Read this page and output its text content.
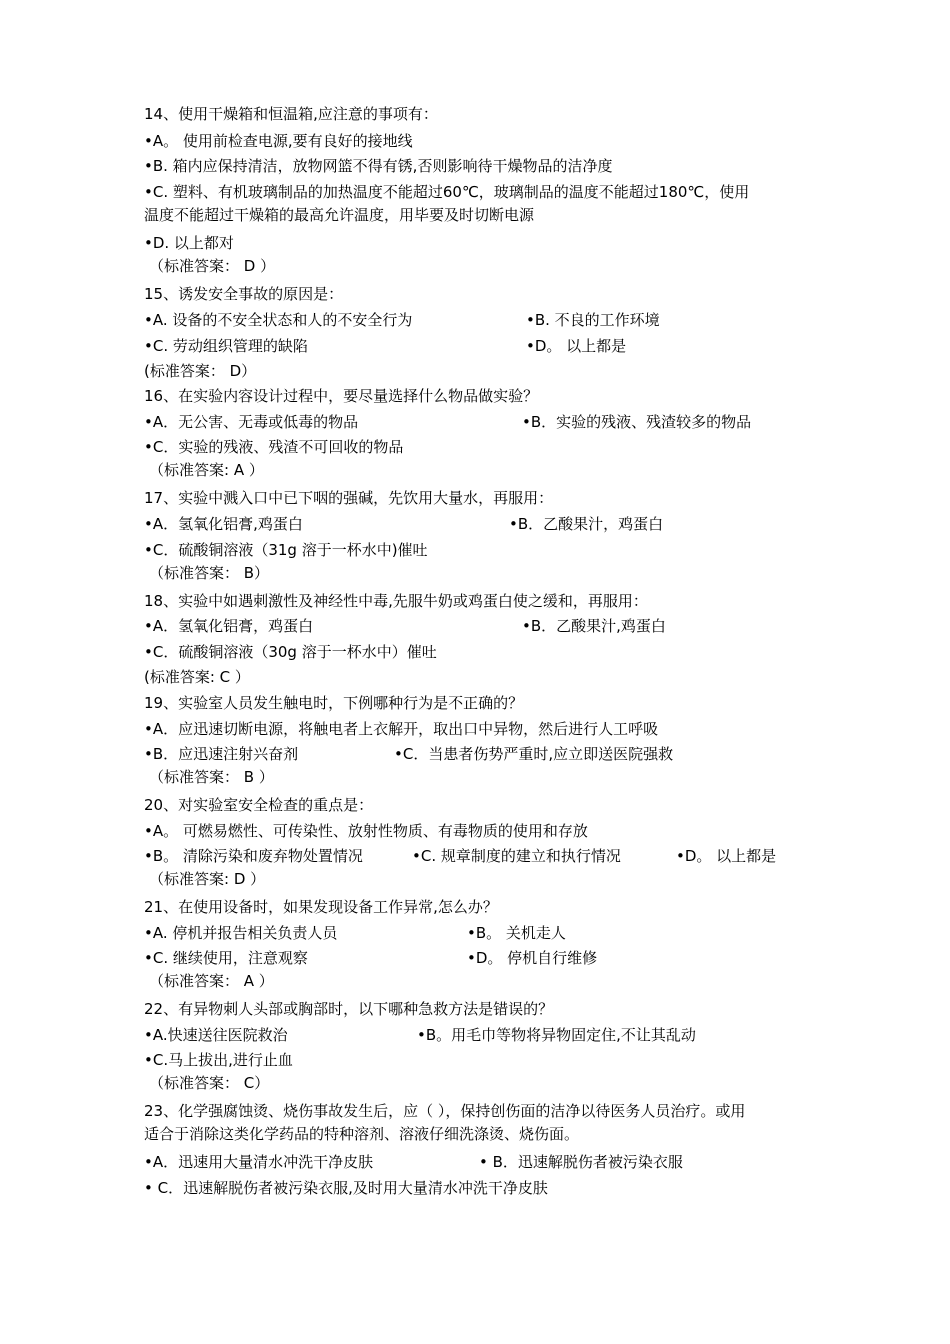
14、使用干燥箱和恒温箱,应注意的事项有：
•A。 使用前检查电源,要有良好的接地线
•B. 箱内应保持清洁，放物网篮不得有锈,否则影响待干燥物品的洁净度
•C. 塑料、有机玻璃制品的加热温度不能超过60℃，玻璃制品的温度不能超过180℃，使用
温度不能超过干燥箱的最高允许温度，用毕要及时切断电源
•D. 以上都对
（标准答案： D ）
15、诱发安全事故的原因是：
•A. 设备的不安全状态和人的不安全行为	•B. 不良的工作环境
•C. 劳动组织管理的缺陷	•D。 以上都是
(标准答案： D）
16、在实验内容设计过程中，要尽量选择什么物品做实验？
•A．无公害、无毒或低毒的物品	•B．实验的残液、残渣较多的物品
•C．实验的残液、残渣不可回收的物品
（标准答案: A ）
17、实验中溅入口中已下咽的强碱，先饮用大量水，再服用：
•A．氢氧化铝膏,鸡蛋白	•B．乙酸果汁，鸡蛋白
•C．硫酸铜溶液（31g 溶于一杯水中)催吐
（标准答案： B）
18、实验中如遇刺激性及神经性中毒,先服牛奶或鸡蛋白使之缓和，再服用：
•A．氢氧化铝膏，鸡蛋白	•B．乙酸果汁,鸡蛋白
•C．硫酸铜溶液（30g 溶于一杯水中）催吐
(标准答案: C ）
19、实验室人员发生触电时，下例哪种行为是不正确的？
•A．应迅速切断电源，将触电者上衣解开，取出口中异物，然后进行人工呼吸
•B．应迅速注射兴奋剂	•C．当患者伤势严重时,应立即送医院强救
（标准答案： B ）
20、对实验室安全检查的重点是：
•A。 可燃易燃性、可传染性、放射性物质、有毒物质的使用和存放
•B。 清除污染和废弃物处置情况	•C. 规章制度的建立和执行情况	•D。 以上都是
（标准答案: D ）
21、在使用设备时，如果发现设备工作异常,怎么办？
•A. 停机并报告相关负责人员	•B。 关机走人
•C. 继续使用，注意观察	•D。 停机自行维修
（标准答案： A ）
22、有异物刺人头部或胸部时，以下哪种急救方法是错误的？
•A.快速送往医院救治	•B。用毛巾等物将异物固定住,不让其乱动
•C.马上拔出,进行止血
（标准答案： C）
23、化学强腐蚀烫、烧伤事故发生后，应（ ），保持创伤面的洁净以待医务人员治疗。或用
适合于消除这类化学药品的特种溶剂、溶液仔细洗涤烫、烧伤面。
•A．迅速用大量清水冲洗干净皮肤	• B．迅速解脱伤者被污染衣服
• C．迅速解脱伤者被污染衣服,及时用大量清水冲洗干净皮肤
